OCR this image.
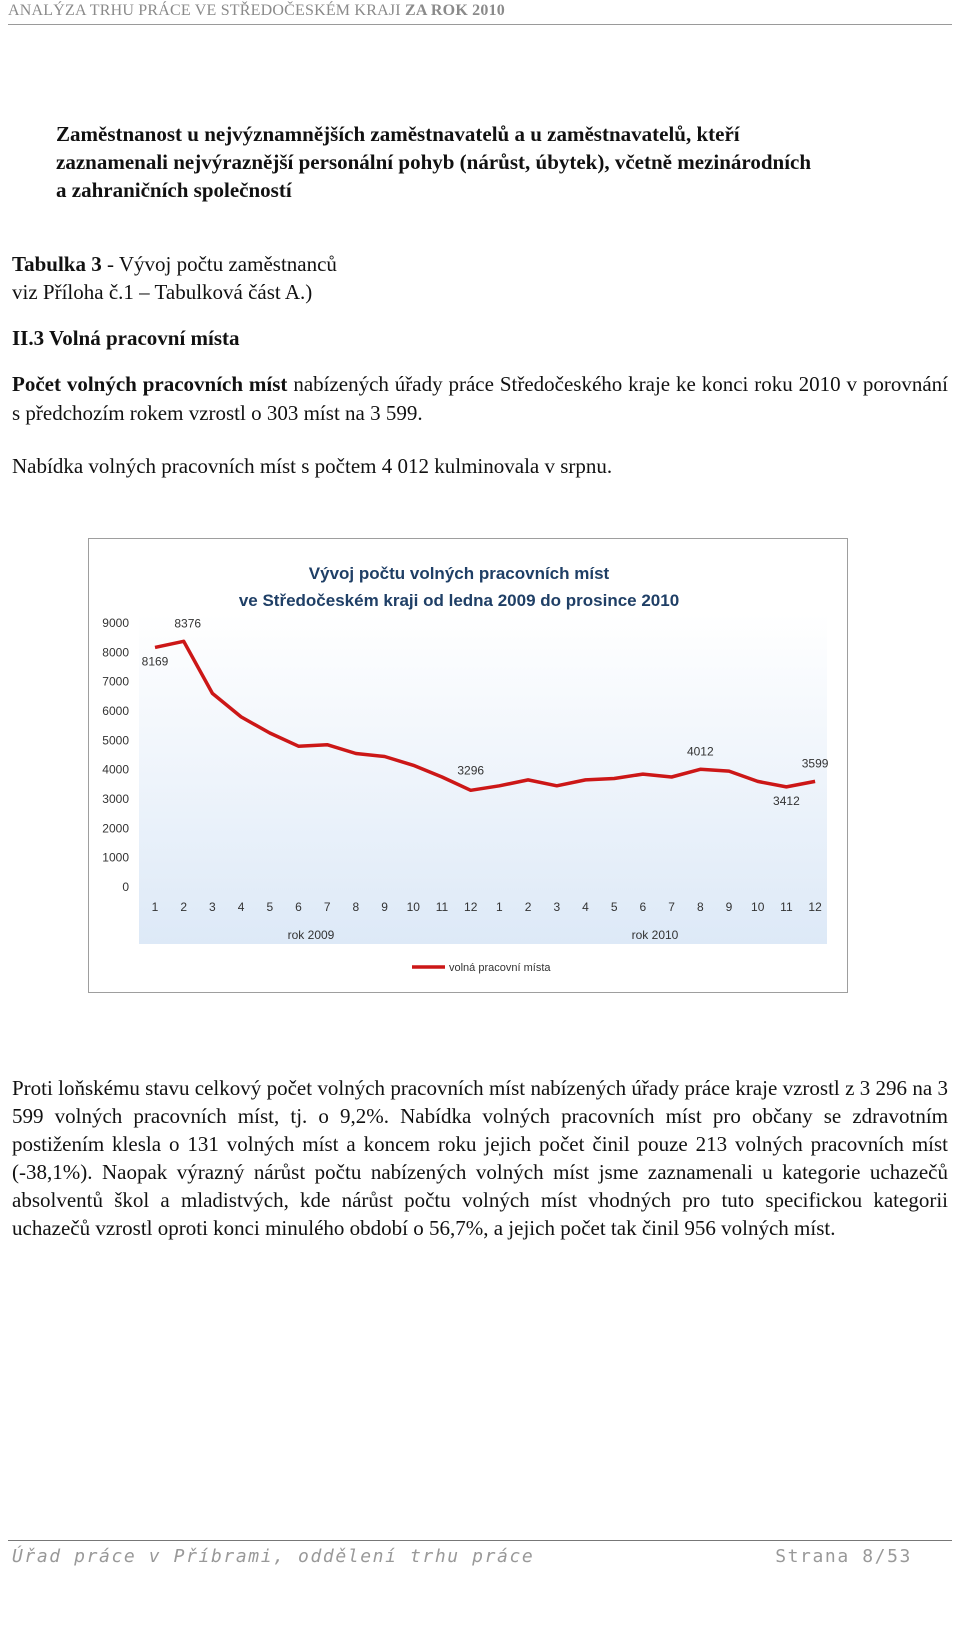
ANALÝZA TRHU PRÁCE VE STŘEDOČESKÉM KRAJI ZA ROK 2010
Zaměstnanost u nejvýznamnějších zaměstnavatelů a u zaměstnavatelů, kteří
zaznamenali nejvýraznější personální pohyb (nárůst, úbytek), včetně mezinárodních
a zahraničních společností
Tabulka 3 - Vývoj počtu zaměstnanců
viz Příloha č.1 – Tabulková část A.)
II.3 Volná pracovní místa
Počet volných pracovních míst nabízených úřady práce Středočeského kraje ke konci roku 2010 v porovnání s předchozím rokem vzrostl o 303 míst na 3 599.
Nabídka volných pracovních míst s počtem 4 012 kulminovala v srpnu.
Vývoj počtu volných pracovních míst
ve Středočeském kraji od ledna 2009 do prosince 2010
0
1000
2000
3000
4000
5000
6000
7000
8000
9000
1 2 3 4 5 6 7 8 9 10 11 12 1 2 3 4 5 6 7 8 9 10 11 12
rok 2009	rok 2010
8169
8376
3296
4012
3412
3599
volná pracovní místa
Proti loňskému stavu celkový počet volných pracovních míst nabízených úřady práce kraje vzrostl z 3 296 na 3 599 volných pracovních míst, tj. o 9,2%. Nabídka volných pracovních míst pro občany se zdravotním postižením klesla o 131 volných míst a koncem roku jejich počet činil pouze 213 volných pracovních míst (-38,1%). Naopak výrazný nárůst počtu nabízených volných míst jsme zaznamenali u kategorie uchazečů absolventů škol a mladistvých, kde nárůst počtu volných míst vhodných pro tuto specifickou kategorii uchazečů vzrostl oproti konci minulého období o 56,7%, a jejich počet tak činil 956 volných míst.
Úřad práce v Příbrami, oddělení trhu práce	Strana 8/53
